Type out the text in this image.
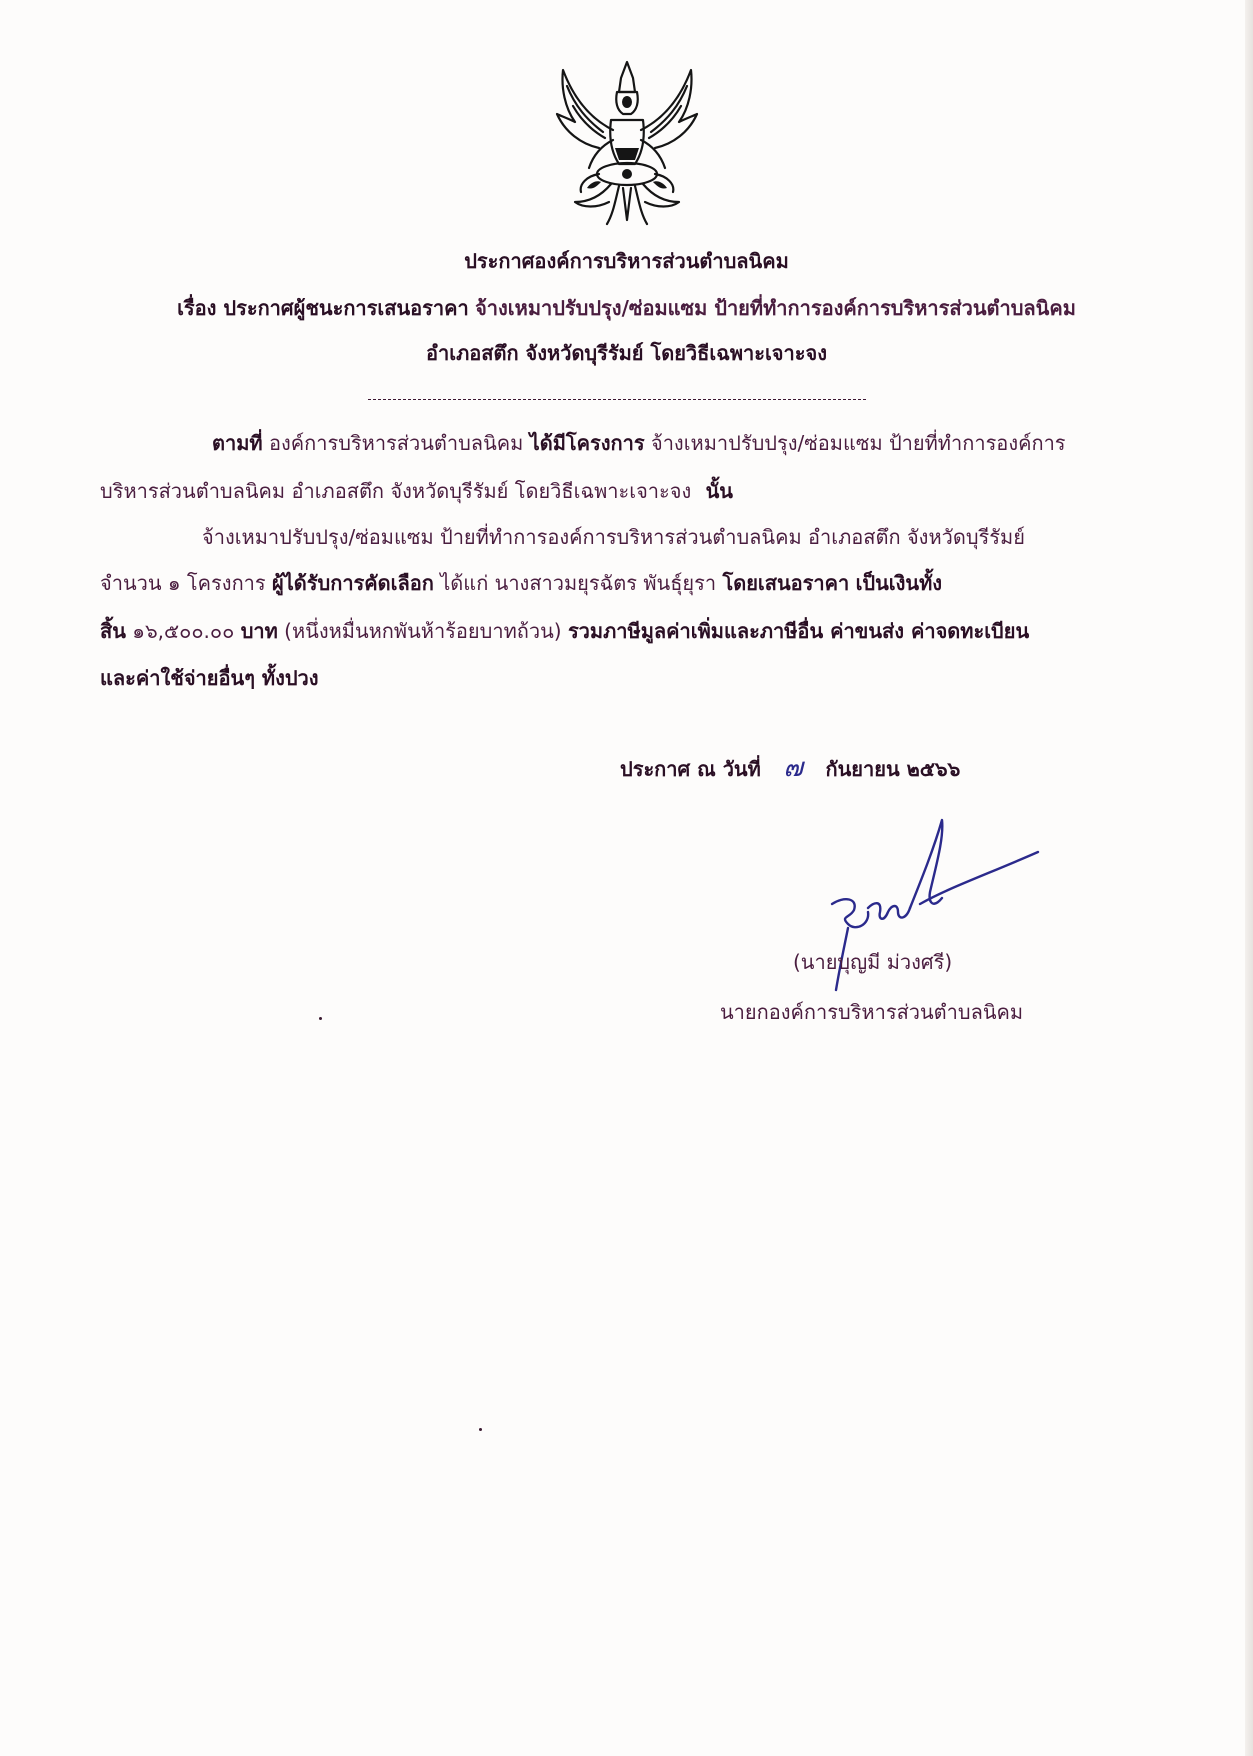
ประกาศองค์การบริหารส่วนตำบลนิคม
เรื่อง ประกาศผู้ชนะการเสนอราคา จ้างเหมาปรับปรุง/ซ่อมแซม ป้ายที่ทำการองค์การบริหารส่วนตำบลนิคม
อำเภอสตึก จังหวัดบุรีรัมย์ โดยวิธีเฉพาะเจาะจง
ตามที่ องค์การบริหารส่วนตำบลนิคม ได้มีโครงการ จ้างเหมาปรับปรุง/ซ่อมแซม ป้ายที่ทำการองค์การ
บริหารส่วนตำบลนิคม อำเภอสตึก จังหวัดบุรีรัมย์ โดยวิธีเฉพาะเจาะจง นั้น
จ้างเหมาปรับปรุง/ซ่อมแซม ป้ายที่ทำการองค์การบริหารส่วนตำบลนิคม อำเภอสตึก จังหวัดบุรีรัมย์
จำนวน ๑ โครงการ ผู้ได้รับการคัดเลือก ได้แก่ นางสาวมยุรฉัตร พันธุ์ยุรา โดยเสนอราคา เป็นเงินทั้ง
สิ้น ๑๖,๕๐๐.๐๐ บาท (หนึ่งหมื่นหกพันห้าร้อยบาทถ้วน) รวมภาษีมูลค่าเพิ่มและภาษีอื่น ค่าขนส่ง ค่าจดทะเบียน
และค่าใช้จ่ายอื่นๆ ทั้งปวง
ประกาศ ณ วันที่ ๗ กันยายน ๒๕๖๖
(นายบุญมี ม่วงศรี)
นายกองค์การบริหารส่วนตำบลนิคม
